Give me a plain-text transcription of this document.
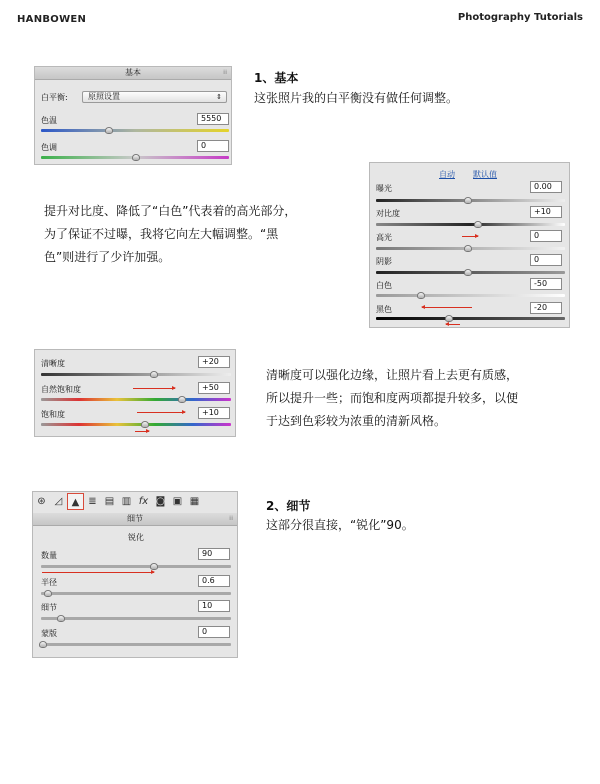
HANBOWEN	Photography Tutorials
基本	⁞⁞
白平衡:	原照设置	⇕
色温	5550
色调	0
1、基本
这张照片我的白平衡没有做任何调整。
自动 默认值
曝光	0.00
对比度	+10
高光	0
阴影	0
白色	-50
黑色	-20
提升对比度、降低了“白色”代表着的高光部分，
为了保证不过曝，我将它向左大幅调整。“黑
色”则进行了少许加强。
清晰度	+20
自然饱和度	+50
饱和度	+10
清晰度可以强化边缘，让照片看上去更有质感，
所以提升一些；而饱和度两项都提升较多，以便
于达到色彩较为浓重的清新风格。
⊛ ◿ ▲ ≣ ▤ ▥ fx ◙ ▣ ▦
细节	⁞⁞
锐化
数量	90
半径	0.6
细节	10
蒙版	0
2、细节
这部分很直接，“锐化”90。
